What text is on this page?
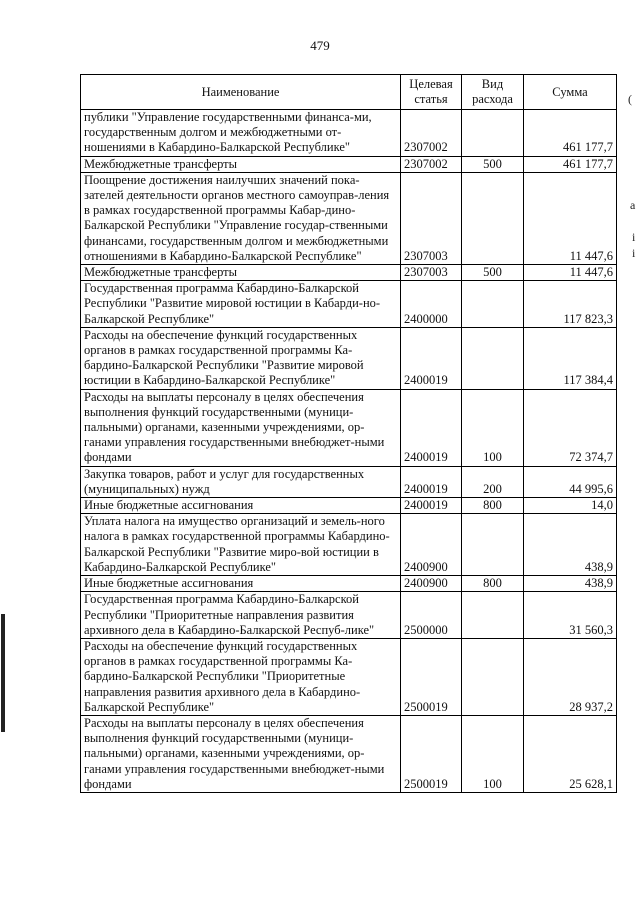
479
Наименование	Целевая статья	Вид расхода	Сумма
публики "Управление государственными финанса-ми, государственным долгом и межбюджетными от-ношениями в Кабардино-Балкарской Республике"	2307002		461 177,7
Межбюджетные трансферты	2307002	500	461 177,7
Поощрение достижения наилучших значений пока-зателей деятельности органов местного самоуправ-ления в рамках государственной программы Кабар-дино-Балкарской Республики "Управление государ-ственными финансами, государственным долгом и межбюджетными отношениями в Кабардино-Балкарской Республике"	2307003		11 447,6
Межбюджетные трансферты	2307003	500	11 447,6
Государственная программа Кабардино-Балкарской Республики "Развитие мировой юстиции в Кабарди-но-Балкарской Республике"	2400000		117 823,3
Расходы на обеспечение функций государственных органов в рамках государственной программы Ка-бардино-Балкарской Республики "Развитие мировой юстиции в Кабардино-Балкарской Республике"	2400019		117 384,4
Расходы на выплаты персоналу в целях обеспечения выполнения функций государственными (муници-пальными) органами, казенными учреждениями, ор-ганами управления государственными внебюджет-ными фондами	2400019	100	72 374,7
Закупка товаров, работ и услуг для государственных (муниципальных) нужд	2400019	200	44 995,6
Иные бюджетные ассигнования	2400019	800	14,0
Уплата налога на имущество организаций и земель-ного налога в рамках государственной программы Кабардино-Балкарской Республики "Развитие миро-вой юстиции в Кабардино-Балкарской Республике"	2400900		438,9
Иные бюджетные ассигнования	2400900	800	438,9
Государственная программа Кабардино-Балкарской Республики "Приоритетные направления развития архивного дела в Кабардино-Балкарской Респуб-лике"	2500000		31 560,3
Расходы на обеспечение функций государственных органов в рамках государственной программы Ка-бардино-Балкарской Республики "Приоритетные направления развития архивного дела в Кабардино-Балкарской Республике"	2500019		28 937,2
Расходы на выплаты персоналу в целях обеспечения выполнения функций государственными (муници-пальными) органами, казенными учреждениями, ор-ганами управления государственными внебюджет-ными фондами	2500019	100	25 628,1
(
а
і
і
